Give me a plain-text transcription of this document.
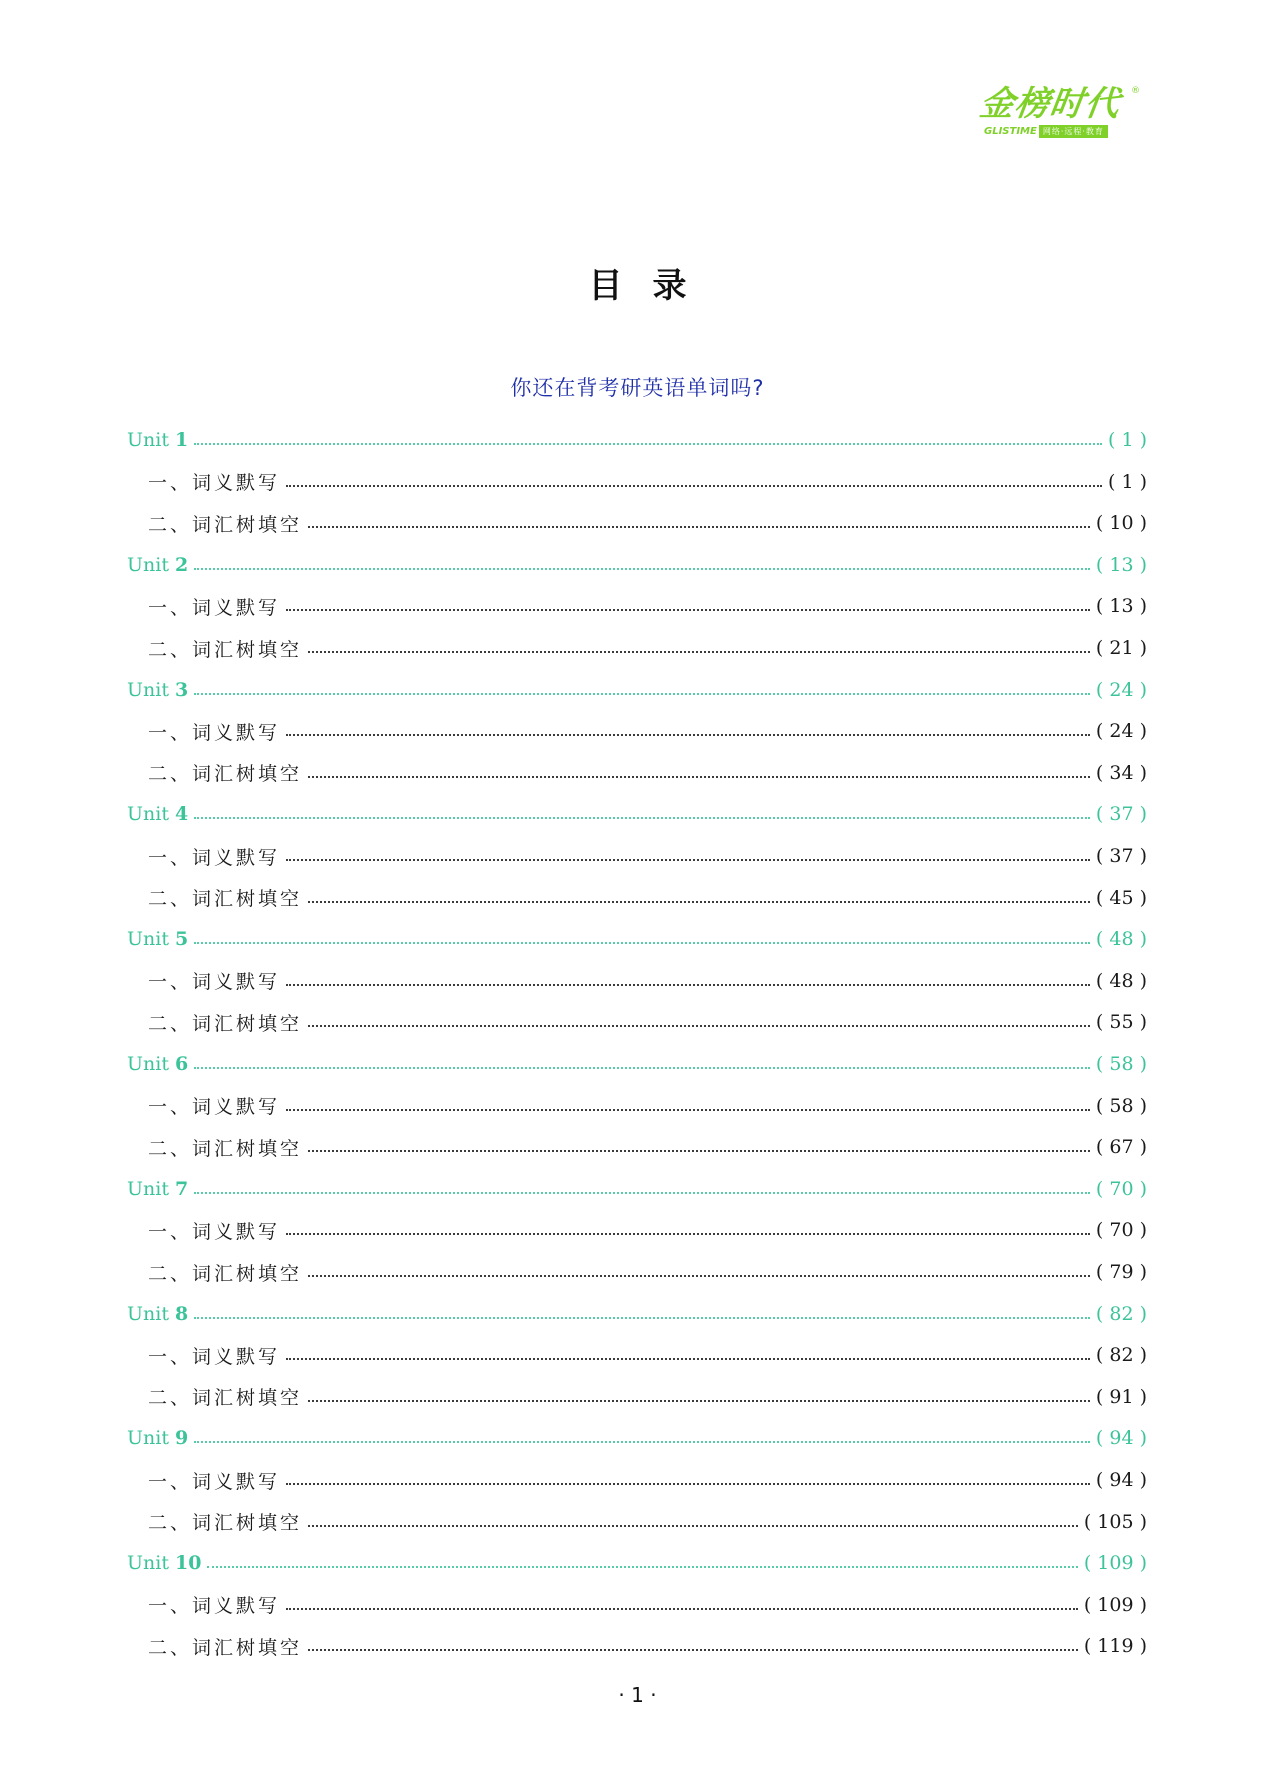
金榜时代 ®
GLISTIME 网络·远程·教育
目录
你还在背考研英语单词吗?
Unit 1	( 1 )
一、词义默写	( 1 )
二、词汇树填空	( 10 )
Unit 2	( 13 )
一、词义默写	( 13 )
二、词汇树填空	( 21 )
Unit 3	( 24 )
一、词义默写	( 24 )
二、词汇树填空	( 34 )
Unit 4	( 37 )
一、词义默写	( 37 )
二、词汇树填空	( 45 )
Unit 5	( 48 )
一、词义默写	( 48 )
二、词汇树填空	( 55 )
Unit 6	( 58 )
一、词义默写	( 58 )
二、词汇树填空	( 67 )
Unit 7	( 70 )
一、词义默写	( 70 )
二、词汇树填空	( 79 )
Unit 8	( 82 )
一、词义默写	( 82 )
二、词汇树填空	( 91 )
Unit 9	( 94 )
一、词义默写	( 94 )
二、词汇树填空	( 105 )
Unit 10	( 109 )
一、词义默写	( 109 )
二、词汇树填空	( 119 )
· 1 ·
